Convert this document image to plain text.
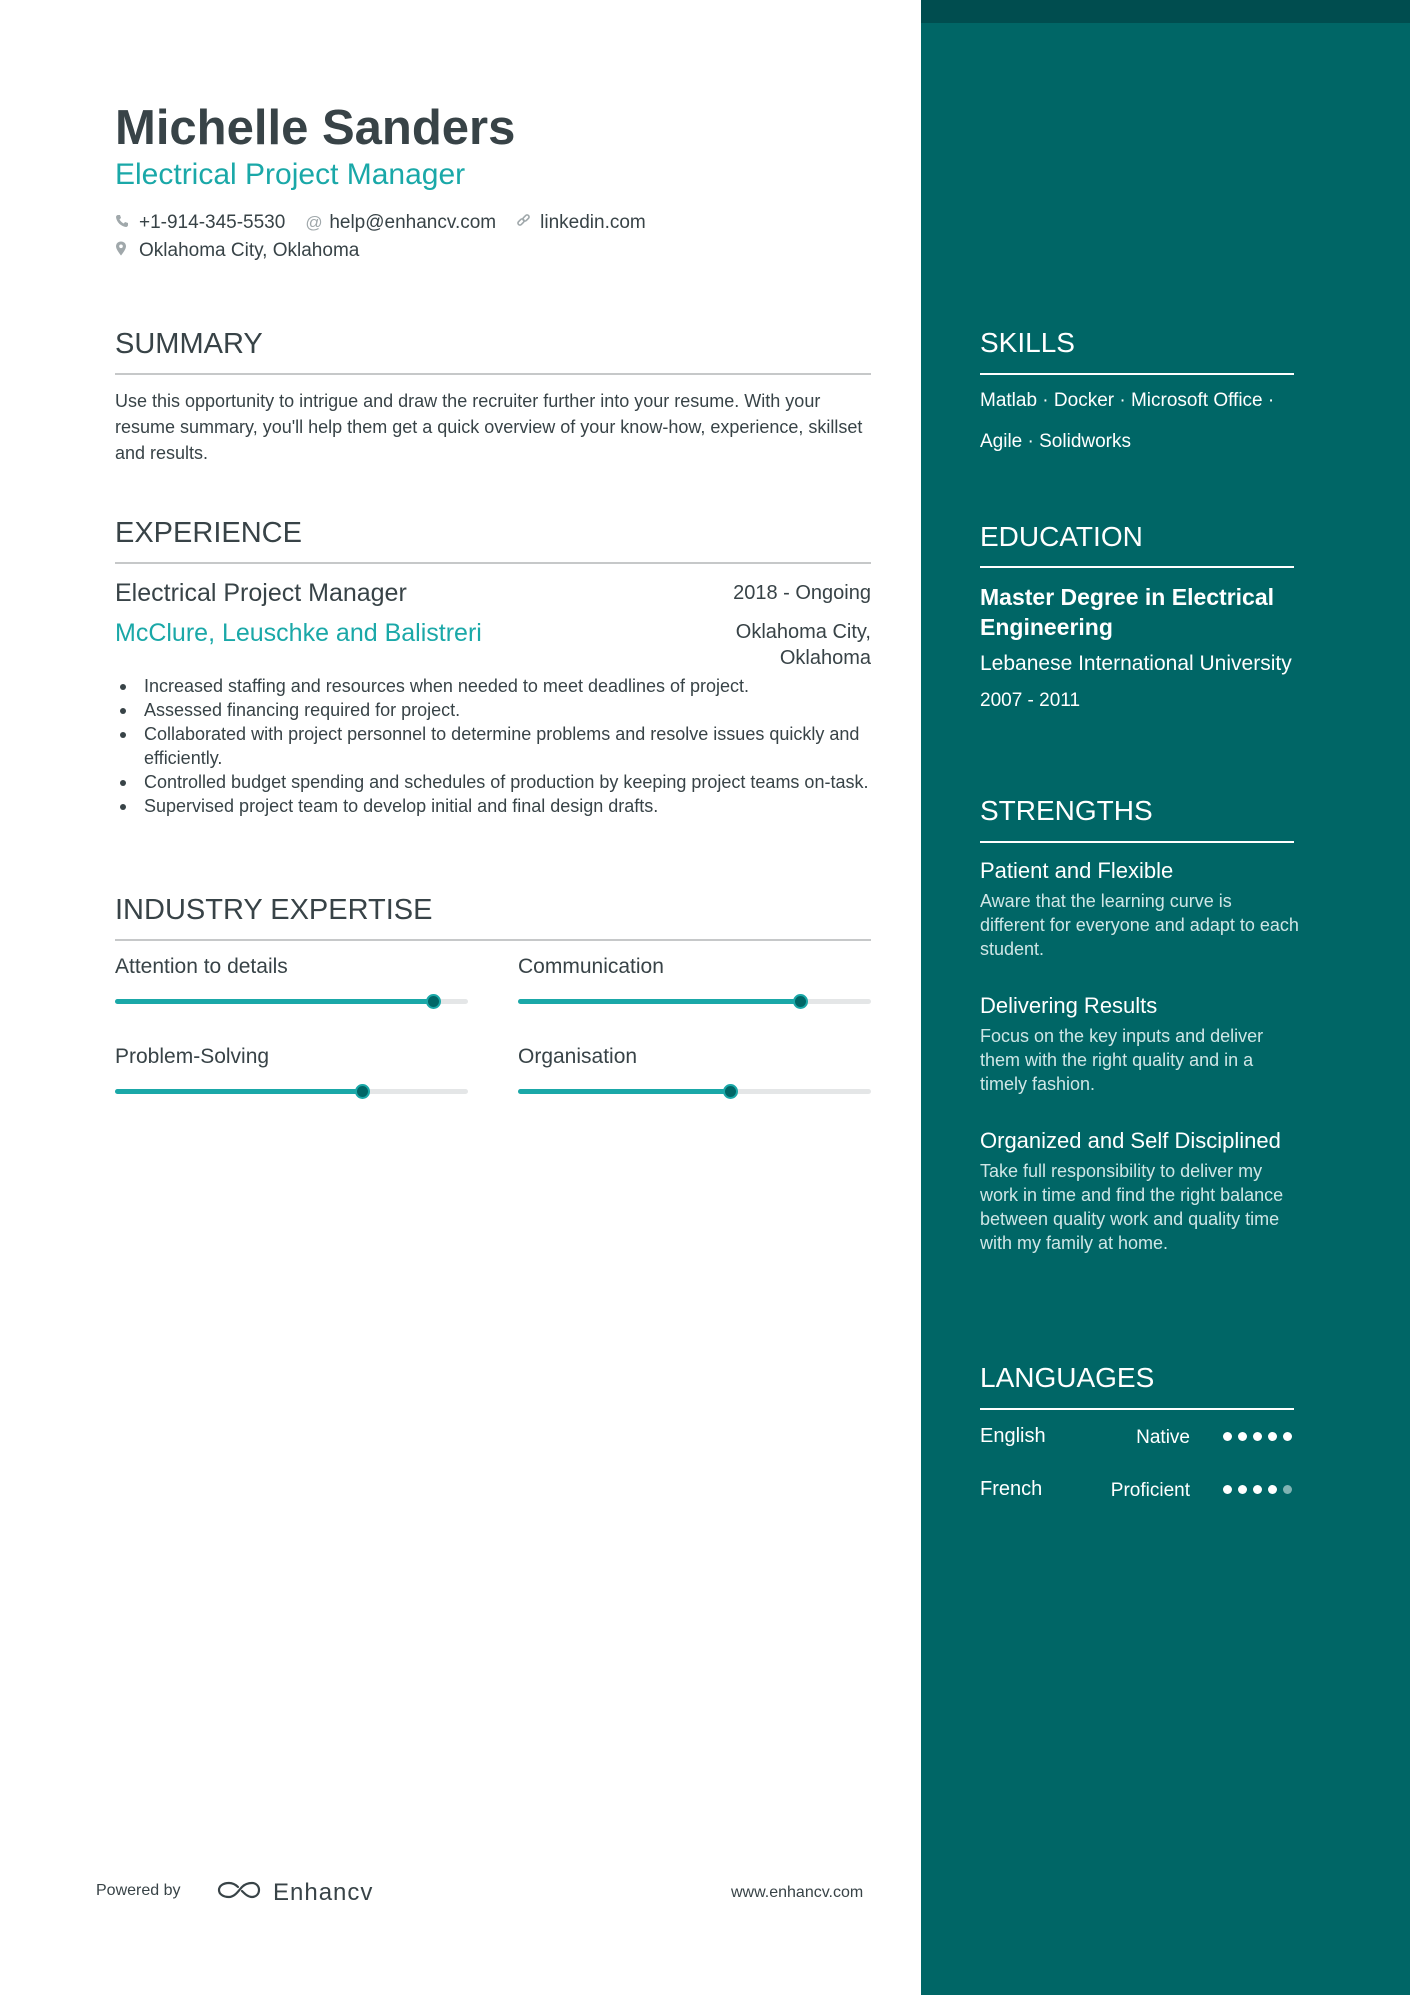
Michelle Sanders
Electrical Project Manager
+1-914-345-5530 @ help@enhancv.com linkedin.com
Oklahoma City, Oklahoma
SUMMARY
Use this opportunity to intrigue and draw the recruiter further into your resume. With your resume summary, you'll help them get a quick overview of your know-how, experience, skillset and results.
EXPERIENCE
Electrical Project Manager	2018 - Ongoing
McClure, Leuschke and Balistreri	Oklahoma City, Oklahoma
Increased staffing and resources when needed to meet deadlines of project.
Assessed financing required for project.
Collaborated with project personnel to determine problems and resolve issues quickly and efficiently.
Controlled budget spending and schedules of production by keeping project teams on-task.
Supervised project team to develop initial and final design drafts.
INDUSTRY EXPERTISE
Attention to details	Communication
Problem-Solving	Organisation
Powered by	Enhancv	www.enhancv.com
SKILLS
Matlab · Docker · Microsoft Office ·
Agile · Solidworks
EDUCATION
Master Degree in Electrical Engineering
Lebanese International University
2007 - 2011
STRENGTHS
Patient and Flexible
Aware that the learning curve is different for everyone and adapt to each student.
Delivering Results
Focus on the key inputs and deliver them with the right quality and in a timely fashion.
Organized and Self Disciplined
Take full responsibility to deliver my work in time and find the right balance between quality work and quality time with my family at home.
LANGUAGES
English	Native
French	Proficient
